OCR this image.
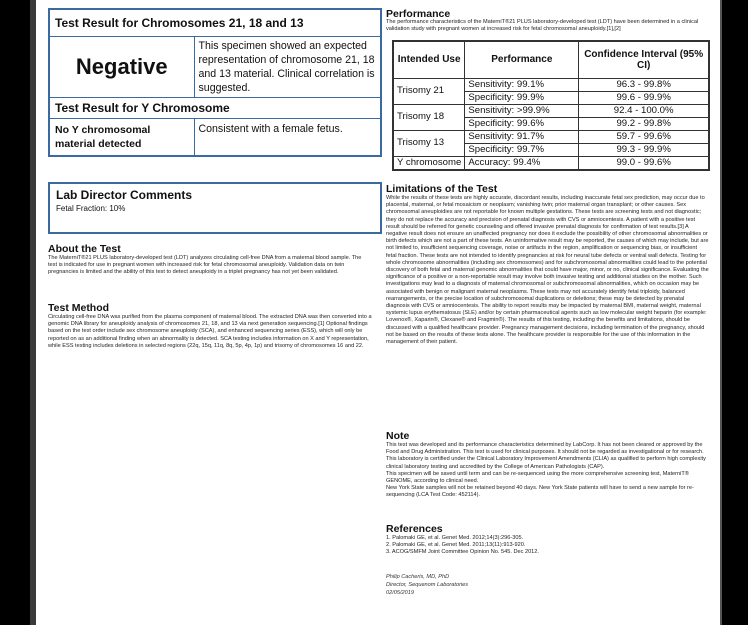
Test Result for Chromosomes 21, 18 and 13	
Negative	This specimen showed an expected representation of chromosome 21, 18 and 13 material. Clinical correlation is suggested.
Test Result for Y Chromosome	
No Y chromosomal material detected	Consistent with a female fetus.
Lab Director Comments
Fetal Fraction: 10%
About the Test
The MaterniT®21 PLUS laboratory-developed test (LDT) analyzes circulating cell-free DNA from a maternal blood sample. The test is indicated for use in pregnant women with increased risk for fetal chromosomal aneuploidy. Validation data on twin pregnancies is limited and the ability of this test to detect aneuploidy in a triplet pregnancy has not yet been validated.
Test Method
Circulating cell-free DNA was purified from the plasma component of maternal blood. The extracted DNA was then converted into a genomic DNA library for aneuploidy analysis of chromosomes 21, 18, and 13 via next generation sequencing.[1] Optional findings based on the test order include sex chromosome aneuploidy (SCA), and enhanced sequencing series (ESS), which will only be reported on as an additional finding when an abnormality is detected. SCA testing includes information on X and Y representation, while ESS testing includes deletions in selected regions (22q, 15q, 11q, 8q, 5p, 4p, 1p) and trisomy of chromosomes 16 and 22.
Performance
The performance characteristics of the MaterniT®21 PLUS laboratory-developed test (LDT) have been determined in a clinical validation study with pregnant women at increased risk for fetal chromosomal aneuploidy.[1],[2]
Intended Use	Performance	Confidence Interval (95% CI)
Trisomy 21	Sensitivity: 99.1%	96.3 - 99.8%
	Specificity: 99.9%	99.6 - 99.9%
Trisomy 18	Sensitivity: >99.9%	92.4 - 100.0%
	Specificity: 99.6%	99.2 - 99.8%
Trisomy 13	Sensitivity: 91.7%	59.7 - 99.6%
	Specificity: 99.7%	99.3 - 99.9%
Y chromosome	Accuracy: 99.4%	99.0 - 99.6%
Limitations of the Test
While the results of these tests are highly accurate, discordant results, including inaccurate fetal sex prediction, may occur due to placental, maternal, or fetal mosaicism or neoplasm; vanishing twin; prior maternal organ transplant; or other causes. Sex chromosomal aneuploidies are not reportable for known multiple gestations. These tests are screening tests and not diagnostic; they do not replace the accuracy and precision of prenatal diagnosis with CVS or amniocentesis. A patient with a positive test result should be referred for genetic counseling and offered invasive prenatal diagnosis for confirmation of test results.[3] A negative result does not ensure an unaffected pregnancy nor does it exclude the possibility of other chromosomal abnormalities or birth defects which are not a part of these tests. An uninformative result may be reported, the causes of which may include, but are not limited to, insufficient sequencing coverage, noise or artifacts in the region, amplification or sequencing bias, or insufficient fetal fraction. These tests are not intended to identify pregnancies at risk for neural tube defects or ventral wall defects. Testing for whole chromosome abnormalities (including sex chromosomes) and for subchromosomal abnormalities could lead to the potential discovery of both fetal and maternal genomic abnormalities that could have major, minor, or no, clinical significance. Evaluating the significance of a positive or a non-reportable result may involve both invasive testing and additional studies on the mother. Such investigations may lead to a diagnosis of maternal chromosomal or subchromosomal abnormalities, which on occasion may be associated with benign or malignant maternal neoplasms. These tests may not accurately identify fetal triploidy, balanced rearrangements, or the precise location of subchromosomal duplications or deletions; these may be detected by prenatal diagnosis with CVS or amniocentesis. The ability to report results may be impacted by maternal BMI, maternal weight, maternal systemic lupus erythematosus (SLE) and/or by certain pharmaceutical agents such as low molecular weight heparin (for example: Lovenox®, Xaparin®, Clexane® and Fragmin®). The results of this testing, including the benefits and limitations, should be discussed with a qualified healthcare provider. Pregnancy management decisions, including termination of the pregnancy, should not be based on the results of these tests alone. The healthcare provider is responsible for the use of this information in the management of their patient.
Note
This test was developed and its performance characteristics determined by LabCorp. It has not been cleared or approved by the Food and Drug Administration. This test is used for clinical purposes. It should not be regarded as investigational or for research. This laboratory is certified under the Clinical Laboratory Improvement Amendments (CLIA) as qualified to perform high complexity clinical laboratory testing and accredited by the College of American Pathologists (CAP).
This specimen will be saved until term and can be re-sequenced using the more comprehensive screening test, MaterniT® GENOME, according to clinical need.
New York State samples will not be retained beyond 40 days. New York State patients will have to send a new sample for re-sequencing (LCA Test Code: 452114).
References
1. Palomaki GE, et al. Genet Med. 2012;14(3):296-305.
2. Palomaki GE, et al. Genet Med. 2011;13(11):913-920.
3. ACOG/SMFM Joint Committee Opinion No. 545. Dec 2012.
Philip Cacheris, MD, PhD
Director, Sequenom Laboratories
02/05/2019
